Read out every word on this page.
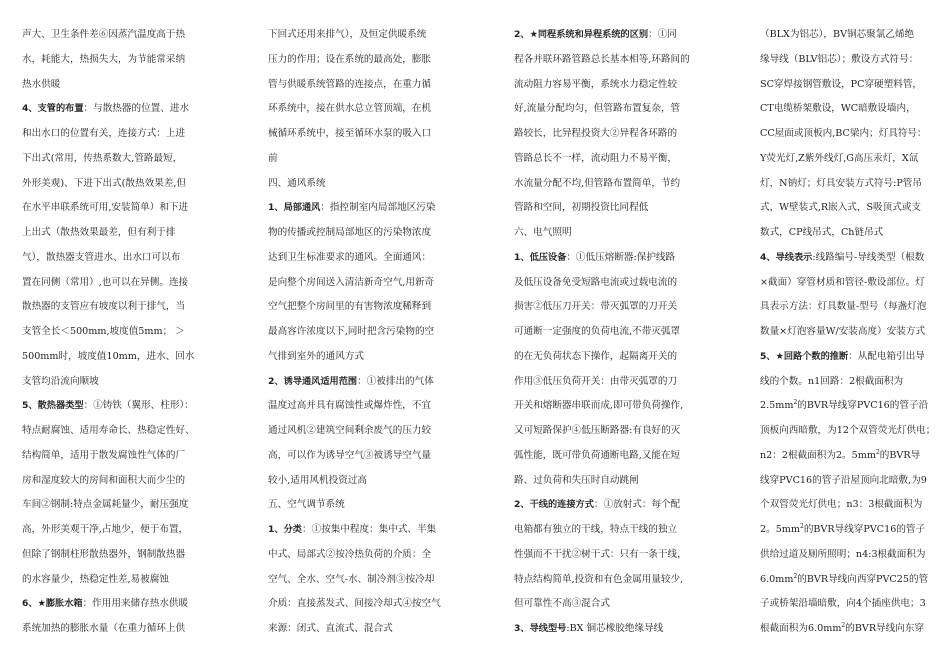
声大、卫生条件差⑥因蒸汽温度高于热

水，耗能大，热损失大，为节能常采纳

热水供暖

4、支管的布置：与散热器的位置、进水

和出水口的位置有关，连接方式：上进

下出式(常用，传热系数大,管路最短，

外形美观)、下进下出式(散热效果差,但

在水平串联系统可用,安装简单）和下进

上出式（散热效果最差，但有利于排

气），散热器支管进水、出水口可以布

置在同侧（常用）,也可以在异侧。连接

散热器的支管应有坡度以利于排气，当

支管全长＜500mm,坡度值5mm； ＞

500mm时，坡度值10mm，进水、回水

支管均沿流向顺坡

5、散热器类型：①铸铁（翼形、柱形）：

特点耐腐蚀、适用寿命长、热稳定性好、

结构简单，适用于散发腐蚀性气体的厂

房和湿度较大的房间和面积大而少尘的

车间②钢制:特点金属耗量少，耐压强度

高，外形美观干净,占地少，便于布置，

但除了钢制柱形散热器外，钢制散热器

的水容量少，热稳定性差,易被腐蚀

6、★膨胀水箱：作用用来储存热水供暖

系统加热的膨胀水量（在重力循环上供

下回式还用来排气），及恒定供暖系统

压力的作用；设在系统的最高处，膨胀

管与供暖系统管路的连接点，在重力循

环系统中，接在供水总立管顶端，在机

械循环系统中，接至循环水泵的吸入口

前

四、通风系统

1、局部通风：指控制室内局部地区污染

物的传播或控制局部地区的污染物浓度

达到卫生标准要求的通风。全面通风：

是向整个房间送入清洁新奇空气,用新奇

空气把整个房间里的有害物浓度稀释到

最高容许浓度以下,同时把含污染物的空

气排到室外的通风方式

2、诱导通风适用范围：①被排出的气体

温度过高并具有腐蚀性或爆炸性，不宜

通过风机②建筑空间剩余废气的压力较

高，可以作为诱导空气③被诱导空气量

较小,适用风机投资过高

五、空气调节系统

1、分类：①按集中程度：集中式、半集

中式、局部式②按冷热负荷的介质：全

空气、全水、空气-水、制冷剂③按冷却

介质：直接蒸发式、间接冷却式④按空气

来源：闭式、直流式、混合式

2、★同程系统和异程系统的区别：①同

程各并联环路管路总长基本相等,环路间的

流动阻力容易平衡，系统水力稳定性较

好,流量分配均匀，但管路布置复杂，管

路较长，比异程投资大②异程各环路的

管路总长不一样，流动阻力不易平衡，

水流量分配不均,但管路布置简单，节约

管路和空间，初期投资比同程低

六、电气照明

1、低压设备：①低压熔断器:保护线路

及低压设备免受短路电流或过载电流的

损害②低压刀开关：带灭弧罩的刀开关

可通断一定强度的负荷电流,不带灭弧罩

的在无负荷状态下操作，起隔离开关的

作用③低压负荷开关：由带灭弧罩的刀

开关和熔断器串联而成,即可带负荷操作,

又可短路保护④低压断路器:有良好的灭

弧性能，既可带负荷通断电路,又能在短

路、过负荷和失压时自动跳闸

2、干线的连接方式：①放射式：每个配

电箱都有独立的干线，特点干线的独立

性强而不干扰②树干式：只有一条干线，

特点结构简单,投资和有色金属用量较少,

但可靠性不高③混合式

3、导线型号:BX 铜芯橡胶绝缘导线

（BLX为铝芯），BV铜芯聚氯乙烯绝

缘导线（BLV铝芯）；敷设方式符号：

SC穿焊接钢管敷设，PC穿硬塑料管，

CT电缆桥架敷设，WC暗敷设墙内，

CC屋面或顶板内,BC梁内；灯具符号：

Y荧光灯,Z紫外线灯,G高压汞灯，X氙

灯，N钠灯；灯具安装方式符号:P管吊

式，W壁装式,R嵌入式，S吸顶式或支

数式，CP线吊式，Ch链吊式

4、导线表示:线路编号-导线类型（根数

×截面）穿管材质和管径-敷设部位。灯

具表示方法：灯具数量-型号（每盏灯泡

数量×灯泡容量W/安装高度）安装方式

5、★回路个数的推断：从配电箱引出导

线的个数。n1回路：2根截面积为

$2.5mm^2$的BVR导线穿PVC16的管子沿

顶板向西暗敷，为12个双管荧光灯供电；

n2：2根截面积为2。$5mm^2$的BVR导

线穿PVC16的管子沿屋顶向北暗敷,为9

个双管荧光灯供电；n3：3根截面积为

2。$5mm^2$的BVR导线穿PVC16的管子

供给过道及厕所照明；n4:3根截面积为

$6.0mm^2$的BVR导线向西穿PVC25的管

子或桥架沿墙暗敷，向4个插座供电；3

根截面积为$6.0mm^2$的BVR导线向东穿
